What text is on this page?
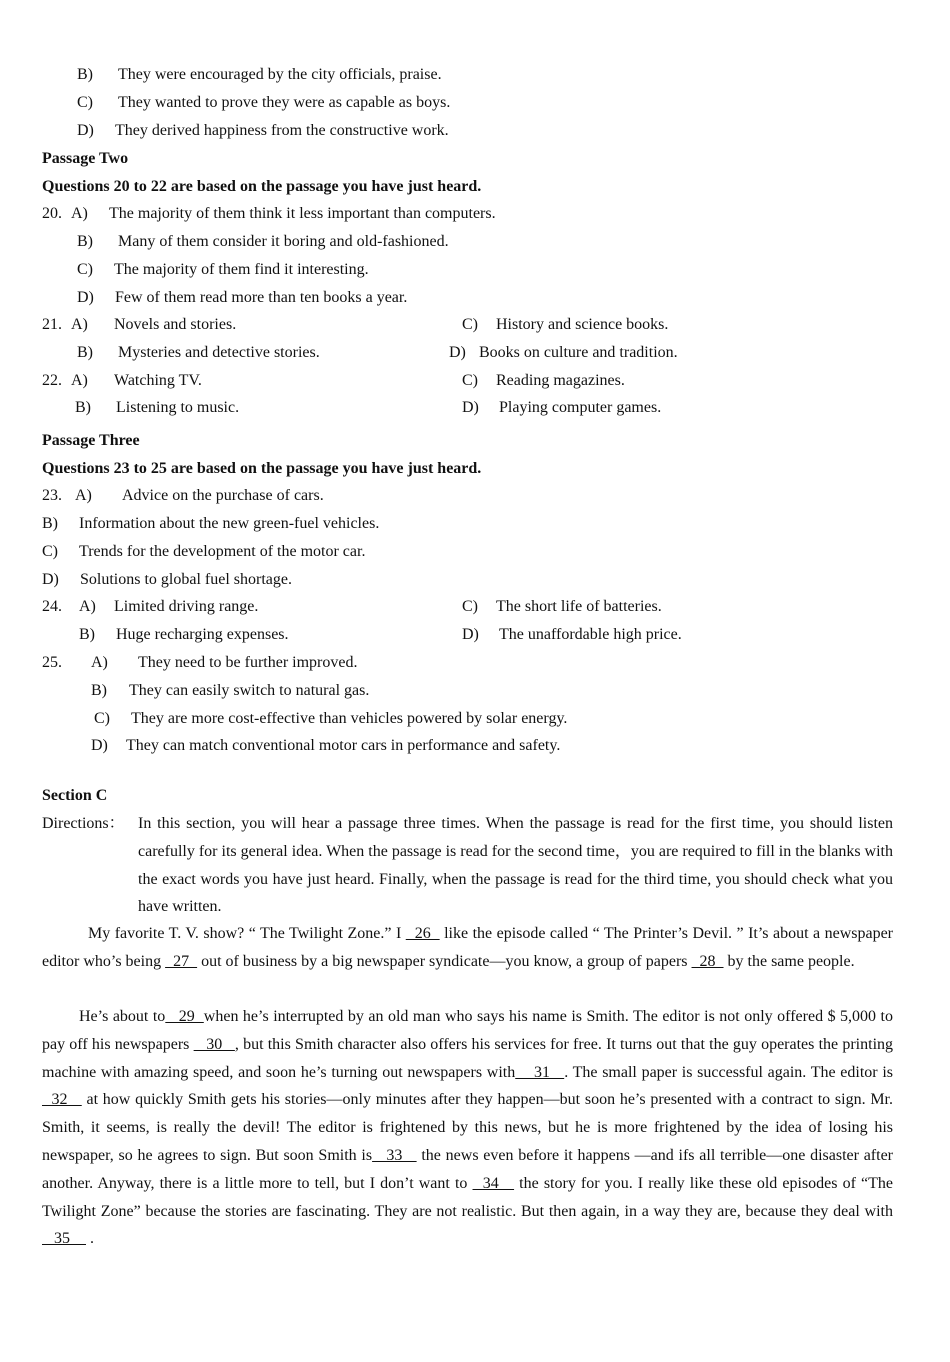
B) They were encouraged by the city officials, praise.
C) They wanted to prove they were as capable as boys.
D) They derived happiness from the constructive work.
Passage Two
Questions 20 to 22 are based on the passage you have just heard.
20. A) The majority of them think it less important than computers.
B) Many of them consider it boring and old-fashioned.
C) The majority of them find it interesting.
D) Few of them read more than ten books a year.
21. A) Novels and stories.	C) History and science books.
B) Mysteries and detective stories.	D) Books on culture and tradition.
22. A) Watching TV.	C) Reading magazines.
B) Listening to music.	D) Playing computer games.
Passage Three
Questions 23 to 25 are based on the passage you have just heard.
23. A) Advice on the purchase of cars.
B) Information about the new green-fuel vehicles.
C) Trends for the development of the motor car.
D) Solutions to global fuel shortage.
24. A) Limited driving range.	C) The short life of batteries.
B) Huge recharging expenses.	D) The unaffordable high price.
25. A) They need to be further improved.
B) They can easily switch to natural gas.
C) They are more cost-effective than vehicles powered by solar energy.
D) They can match conventional motor cars in performance and safety.
Section C
Directions： In this section, you will hear a passage three times. When the passage is read for the first time, you should listen carefully for its general idea. When the passage is read for the second time，you are required to fill in the blanks with the exact words you have just heard. Finally, when the passage is read for the third time, you should check what you have written.
My favorite T. V. show? “ The Twilight Zone.” I   26   like the episode called “ The Printer’s Devil. ” It’s about a newspaper editor who’s being   27   out of business by a big newspaper syndicate—you know, a group of papers   28   by the same people.
He’s about to   29  when he’s interrupted by an old man who says his name is Smith. The editor is not only offered $ 5,000 to pay off his newspapers    30   , but this Smith character also offers his services for free. It turns out that the guy operates the printing machine with amazing speed, and soon he’s turning out newspapers with    31   . The small paper is successful again. The editor is   32    at how quickly Smith gets his stories—only minutes after they happen—but soon he’s presented with a contract to sign. Mr. Smith, it seems, is really the devil! The editor is frightened by this news, but he is more frightened by the idea of losing his newspaper, so he agrees to sign. But soon Smith is   33    the news even before it happens —and ifs all terrible—one disaster after another. Anyway, there is a little more to tell, but I don’t want to   34    the story for you. I really like these old episodes of “The Twilight Zone” because the stories are fascinating. They are not realistic. But then again, in a way they are, because they deal with    35     .
